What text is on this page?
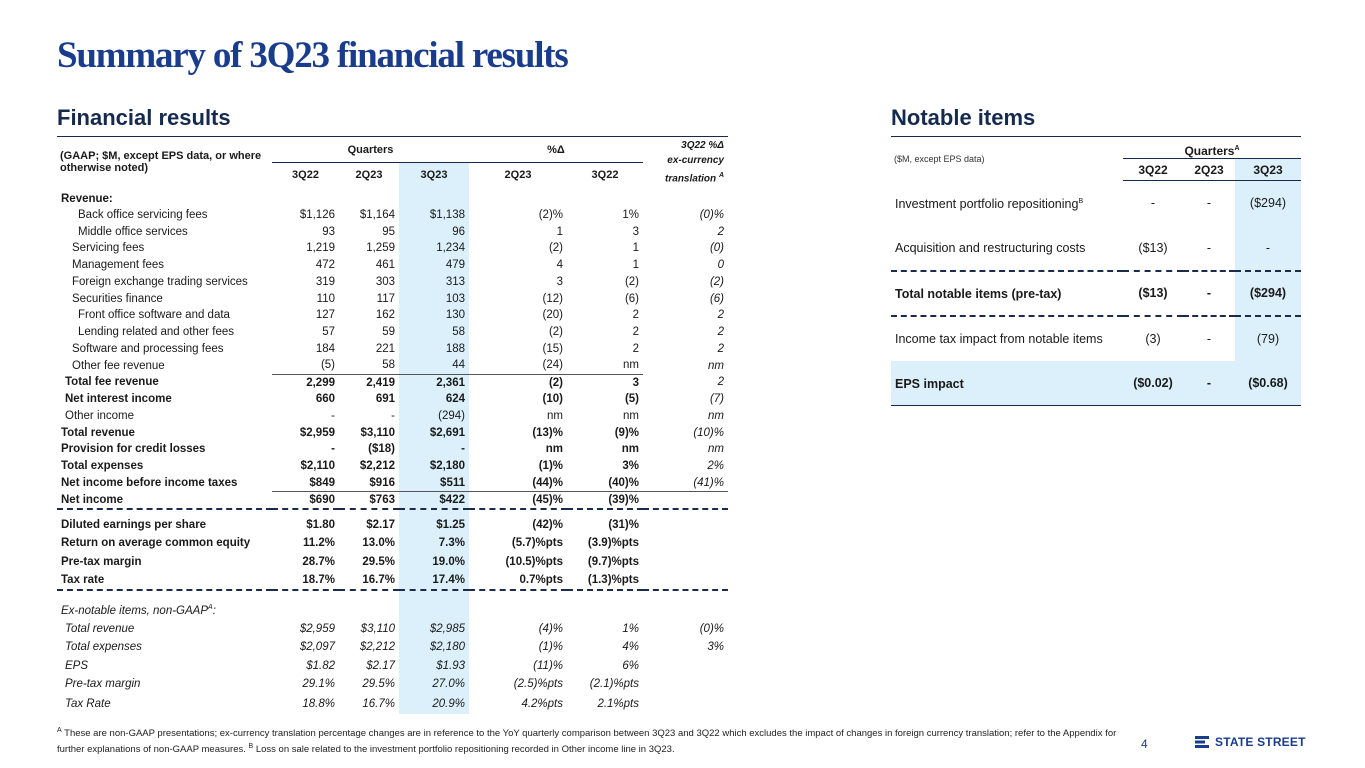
Summary of 3Q23 financial results
Financial results	Notable items
(GAAP; $M, except EPS data, or where otherwise noted)	Quarters			%Δ		3Q22 %Δ
ex-currency
translation $^A$
	3Q22	2Q23	3Q23	2Q23	3Q22	
Revenue:						
Back office servicing fees	$1,126	$1,164	$1,138	(2)%	1%	(0)%
Middle office services	93	95	96	1	3	2
Servicing fees	1,219	1,259	1,234	(2)	1	(0)
Management fees	472	461	479	4	1	0
Foreign exchange trading services	319	303	313	3	(2)	(2)
Securities finance	110	117	103	(12)	(6)	(6)
Front office software and data	127	162	130	(20)	2	2
Lending related and other fees	57	59	58	(2)	2	2
Software and processing fees	184	221	188	(15)	2	2
Other fee revenue	(5)	58	44	(24)	nm	nm
Total fee revenue	2,299	2,419	2,361	(2)	3	2
Net interest income	660	691	624	(10)	(5)	(7)
Other income	-	-	(294)	nm	nm	nm
Total revenue	$2,959	$3,110	$2,691	(13)%	(9)%	(10)%
Provision for credit losses	-	($18)	-	nm	nm	nm
Total expenses	$2,110	$2,212	$2,180	(1)%	3%	2%
Net income before income taxes	$849	$916	$511	(44)%	(40)%	(41)%
Net income	$690	$763	$422	(45)%	(39)%	
Diluted earnings per share	$1.80	$2.17	$1.25	(42)%	(31)%	
Return on average common equity	11.2%	13.0%	7.3%	(5.7)%pts	(3.9)%pts	
Pre-tax margin	28.7%	29.5%	19.0%	(10.5)%pts	(9.7)%pts	
Tax rate	18.7%	16.7%	17.4%	0.7%pts	(1.3)%pts	
Ex-notable items, non-$GAAP^A$:						
Total revenue	$2,959	$3,110	$2,985	(4)%	1%	(0)%
Total expenses	$2,097	$2,212	$2,180	(1)%	4%	3%
EPS	$1.82	$2.17	$1.93	(11)%	6%	
Pre-tax margin	29.1%	29.5%	27.0%	(2.5)%pts	(2.1)%pts	
Tax Rate	18.8%	16.7%	20.9%	4.2%pts	2.1%pts	
($M, except EPS data)	Quarters$^A$
	3Q22	2Q23	3Q23
Investment portfolio repositioning$^B$	-	-	($294)
Acquisition and restructuring costs	($13)	-	-
Total notable items (pre-tax)	($13)	-	($294)
Income tax impact from notable items	(3)	-	(79)
EPS impact	($0.02)	-	($0.68)
$^A$ These are non-GAAP presentations; ex-currency translation percentage changes are in reference to the YoY quarterly comparison between 3Q23 and 3Q22 which excludes the impact of changes in foreign currency translation; refer to the Appendix for further explanations of non-GAAP measures. $^B$ Loss on sale related to the investment portfolio repositioning recorded in Other income line in 3Q23.	4	STATE STREET
